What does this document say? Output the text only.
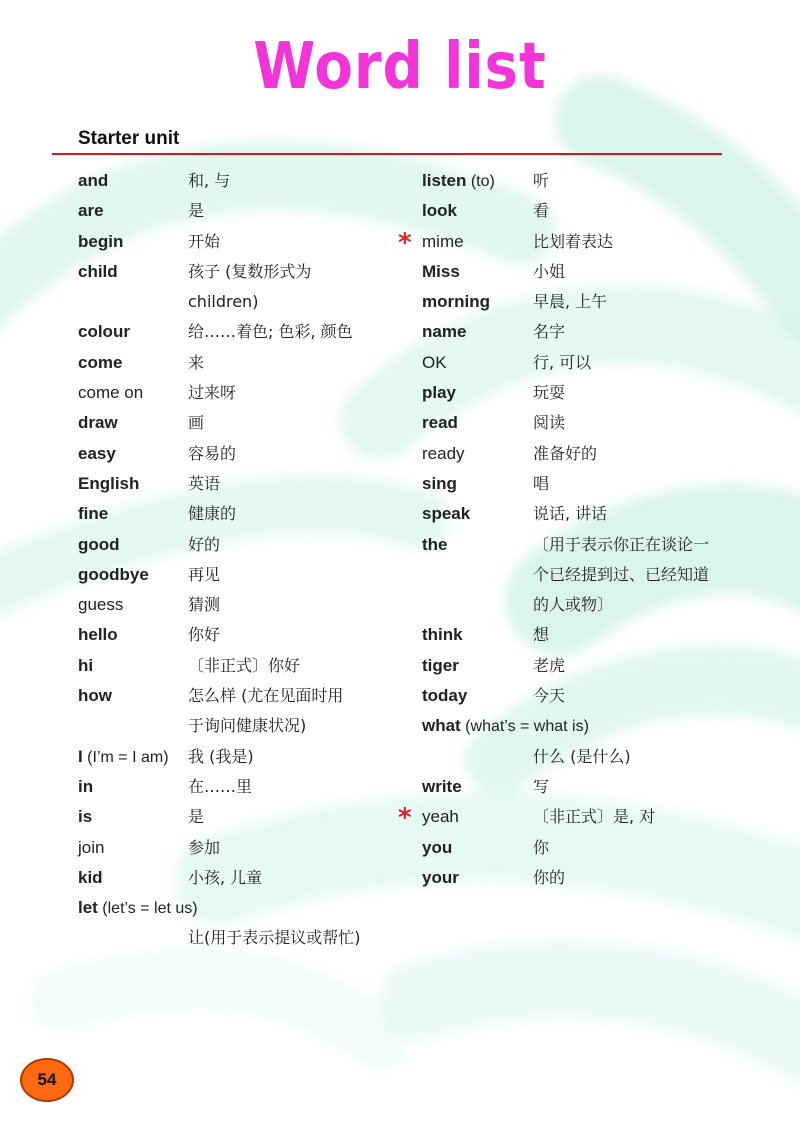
Word list
Starter unit
and	和, 与
are	是
begin	开始
child	孩子 (复数形式为
children)
colour	给……着色; 色彩, 颜色
come	来
come on	过来呀
draw	画
easy	容易的
English	英语
fine	健康的
good	好的
goodbye 再见
guess	猜测
hello	你好
hi	〔非正式〕你好
how	怎么样 (尤在见面时用
于询问健康状况)
I (I’m = I am) 我 (我是)
in	在……里
is	是
join	参加
kid	小孩, 儿童
let (let’s = let us)
让(用于表示提议或帮忙)
listen (to) 听
look	看
* mime	比划着表达
Miss	小姐
morning	早晨, 上午
name	名字
OK	行, 可以
play	玩耍
read	阅读
ready	准备好的
sing	唱
speak	说话, 讲话
the	〔用于表示你正在谈论一
个已经提到过、已经知道
的人或物〕
think	想
tiger	老虎
today	今天
what (what’s = what is)
什么 (是什么)
write	写
* yeah	〔非正式〕是, 对
you	你
your	你的
54
